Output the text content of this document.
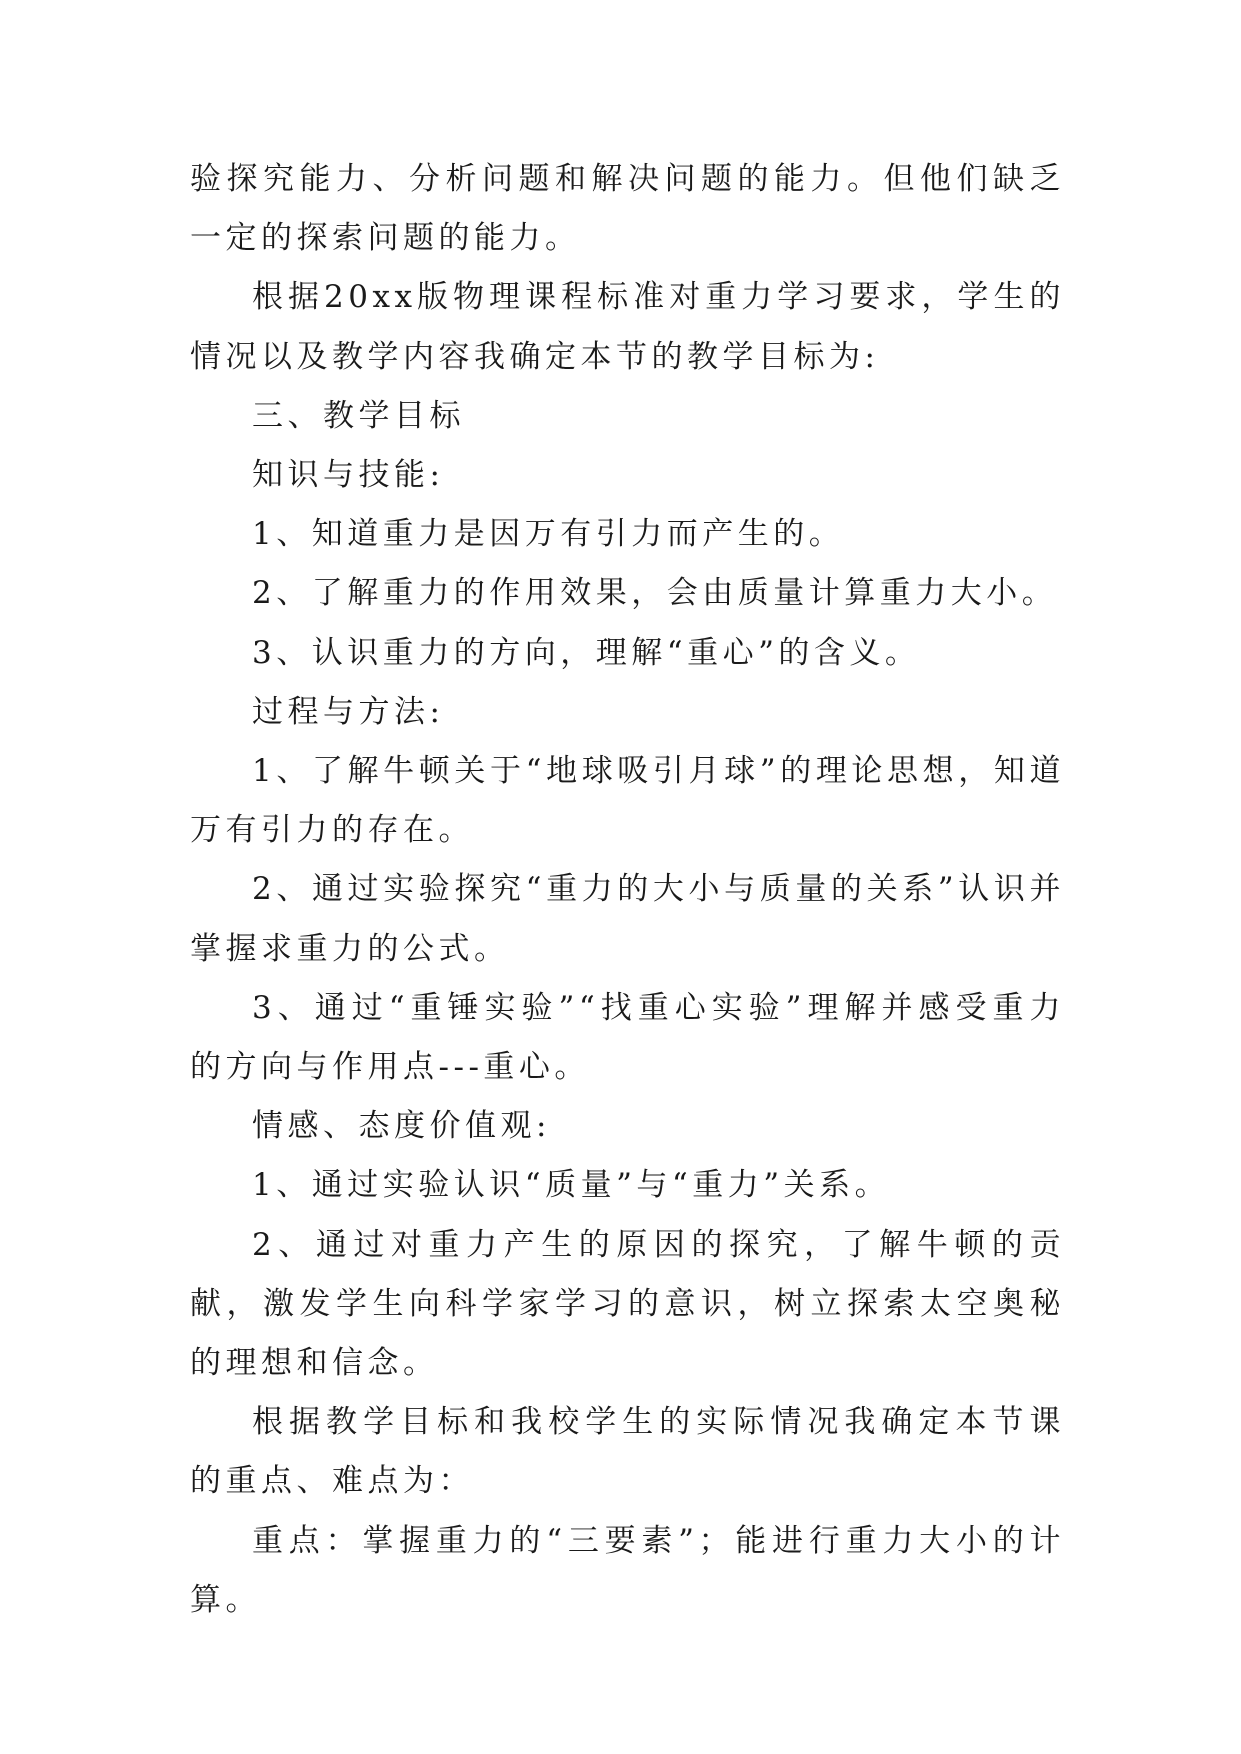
验探究能力、分析问题和解决问题的能力。但他们缺乏一定的探索问题的能力。

根据20xx版物理课程标准对重力学习要求，学生的情况以及教学内容我确定本节的教学目标为:

三、教学目标

知识与技能:

1、知道重力是因万有引力而产生的。

2、了解重力的作用效果，会由质量计算重力大小。

3、认识重力的方向，理解“重心”的含义。

过程与方法:

1、了解牛顿关于“地球吸引月球”的理论思想，知道万有引力的存在。

2、通过实验探究“重力的大小与质量的关系”认识并掌握求重力的公式。

3、通过“重锤实验”“找重心实验”理解并感受重力的方向与作用点---重心。

情感、态度价值观:

1、通过实验认识“质量”与“重力”关系。

2、通过对重力产生的原因的探究，了解牛顿的贡献，激发学生向科学家学习的意识，树立探索太空奥秘的理想和信念。

根据教学目标和我校学生的实际情况我确定本节课的重点、难点为：

重点：掌握重力的“三要素”；能进行重力大小的计算。
